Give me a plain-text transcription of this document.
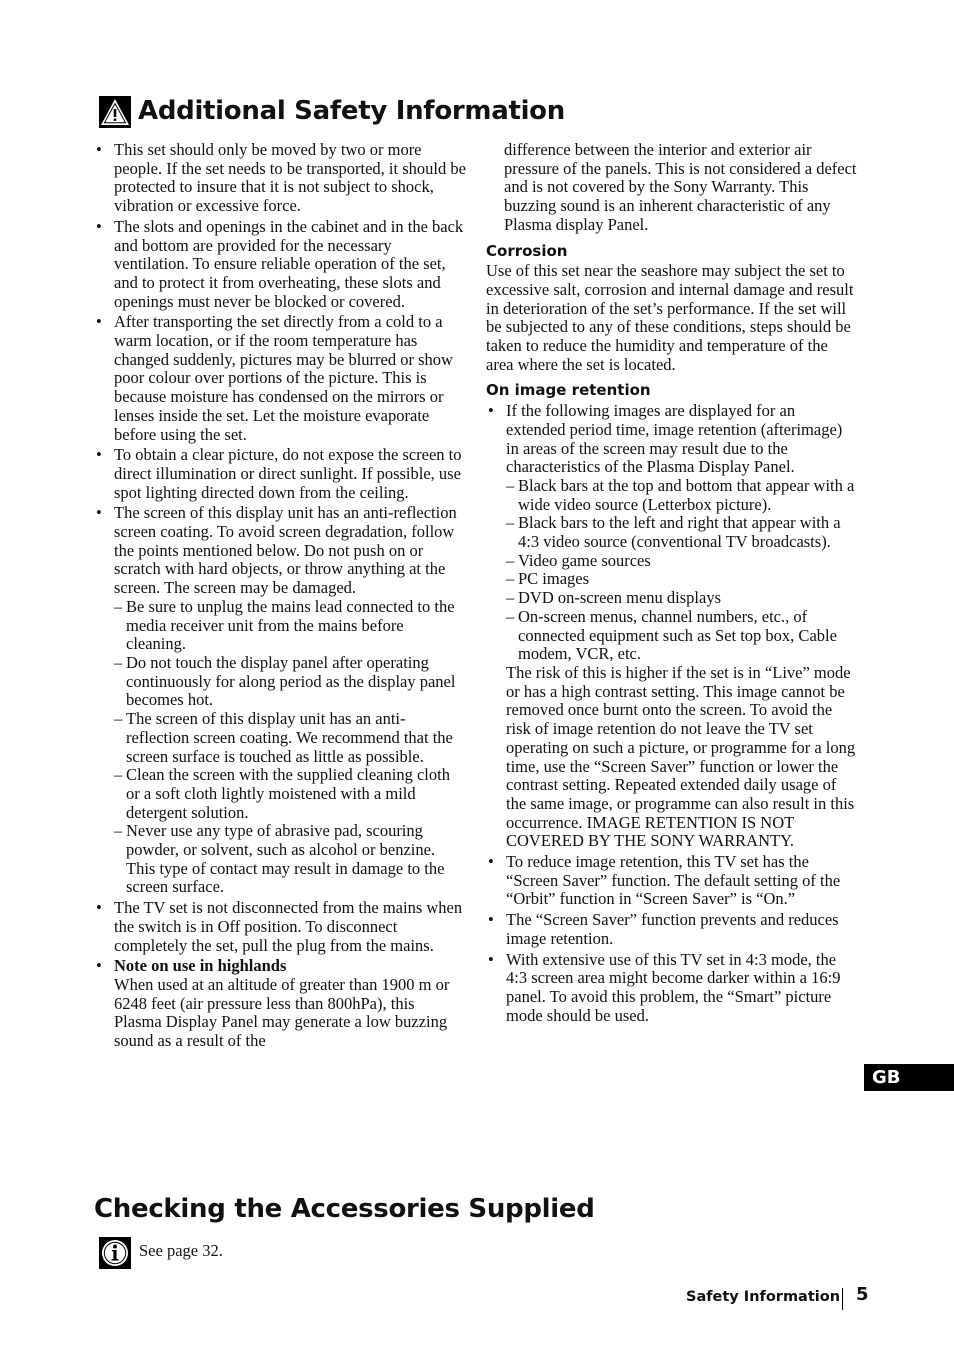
Additional Safety Information
• This set should only be moved by two or more people. If the set needs to be transported, it should be protected to insure that it is not subject to shock, vibration or excessive force.
• The slots and openings in the cabinet and in the back and bottom are provided for the necessary ventilation. To ensure reliable operation of the set, and to protect it from overheating, these slots and openings must never be blocked or covered.
• After transporting the set directly from a cold to a warm location, or if the room temperature has changed suddenly, pictures may be blurred or show poor colour over portions of the picture. This is because moisture has condensed on the mirrors or lenses inside the set. Let the moisture evaporate before using the set.
• To obtain a clear picture, do not expose the screen to direct illumination or direct sunlight. If possible, use spot lighting directed down from the ceiling.
• The screen of this display unit has an anti-reflection screen coating. To avoid screen degradation, follow the points mentioned below. Do not push on or scratch with hard objects, or throw anything at the screen. The screen may be damaged.
– Be sure to unplug the mains lead connected to the media receiver unit from the mains before cleaning.
– Do not touch the display panel after operating continuously for along period as the display panel becomes hot.
– The screen of this display unit has an anti-reflection screen coating. We recommend that the screen surface is touched as little as possible.
– Clean the screen with the supplied cleaning cloth or a soft cloth lightly moistened with a mild detergent solution.
– Never use any type of abrasive pad, scouring powder, or solvent, such as alcohol or benzine. This type of contact may result in damage to the screen surface.
• The TV set is not disconnected from the mains when the switch is in Off position. To disconnect completely the set, pull the plug from the mains.
• Note on use in highlands
When used at an altitude of greater than 1900 m or 6248 feet (air pressure less than 800hPa), this Plasma Display Panel may generate a low buzzing sound as a result of the
difference between the interior and exterior air pressure of the panels. This is not considered a defect and is not covered by the Sony Warranty. This buzzing sound is an inherent characteristic of any Plasma display Panel.
Corrosion
Use of this set near the seashore may subject the set to excessive salt, corrosion and internal damage and result in deterioration of the set’s performance. If the set will be subjected to any of these conditions, steps should be taken to reduce the humidity and temperature of the area where the set is located.
On image retention
• If the following images are displayed for an extended period time, image retention (afterimage) in areas of the screen may result due to the characteristics of the Plasma Display Panel.
– Black bars at the top and bottom that appear with a wide video source (Letterbox picture).
– Black bars to the left and right that appear with a 4:3 video source (conventional TV broadcasts).
– Video game sources
– PC images
– DVD on-screen menu displays
– On-screen menus, channel numbers, etc., of connected equipment such as Set top box, Cable modem, VCR, etc.
The risk of this is higher if the set is in “Live” mode or has a high contrast setting. This image cannot be removed once burnt onto the screen. To avoid the risk of image retention do not leave the TV set operating on such a picture, or programme for a long time, use the “Screen Saver” function or lower the contrast setting. Repeated extended daily usage of the same image, or programme can also result in this occurrence. IMAGE RETENTION IS NOT COVERED BY THE SONY WARRANTY.
• To reduce image retention, this TV set has the “Screen Saver” function. The default setting of the “Orbit” function in “Screen Saver” is “On.”
• The “Screen Saver” function prevents and reduces image retention.
• With extensive use of this TV set in 4:3 mode, the 4:3 screen area might become darker within a 16:9 panel. To avoid this problem, the “Smart” picture mode should be used.
GB
Checking the Accessories Supplied
See page 32.
Safety Information 5
